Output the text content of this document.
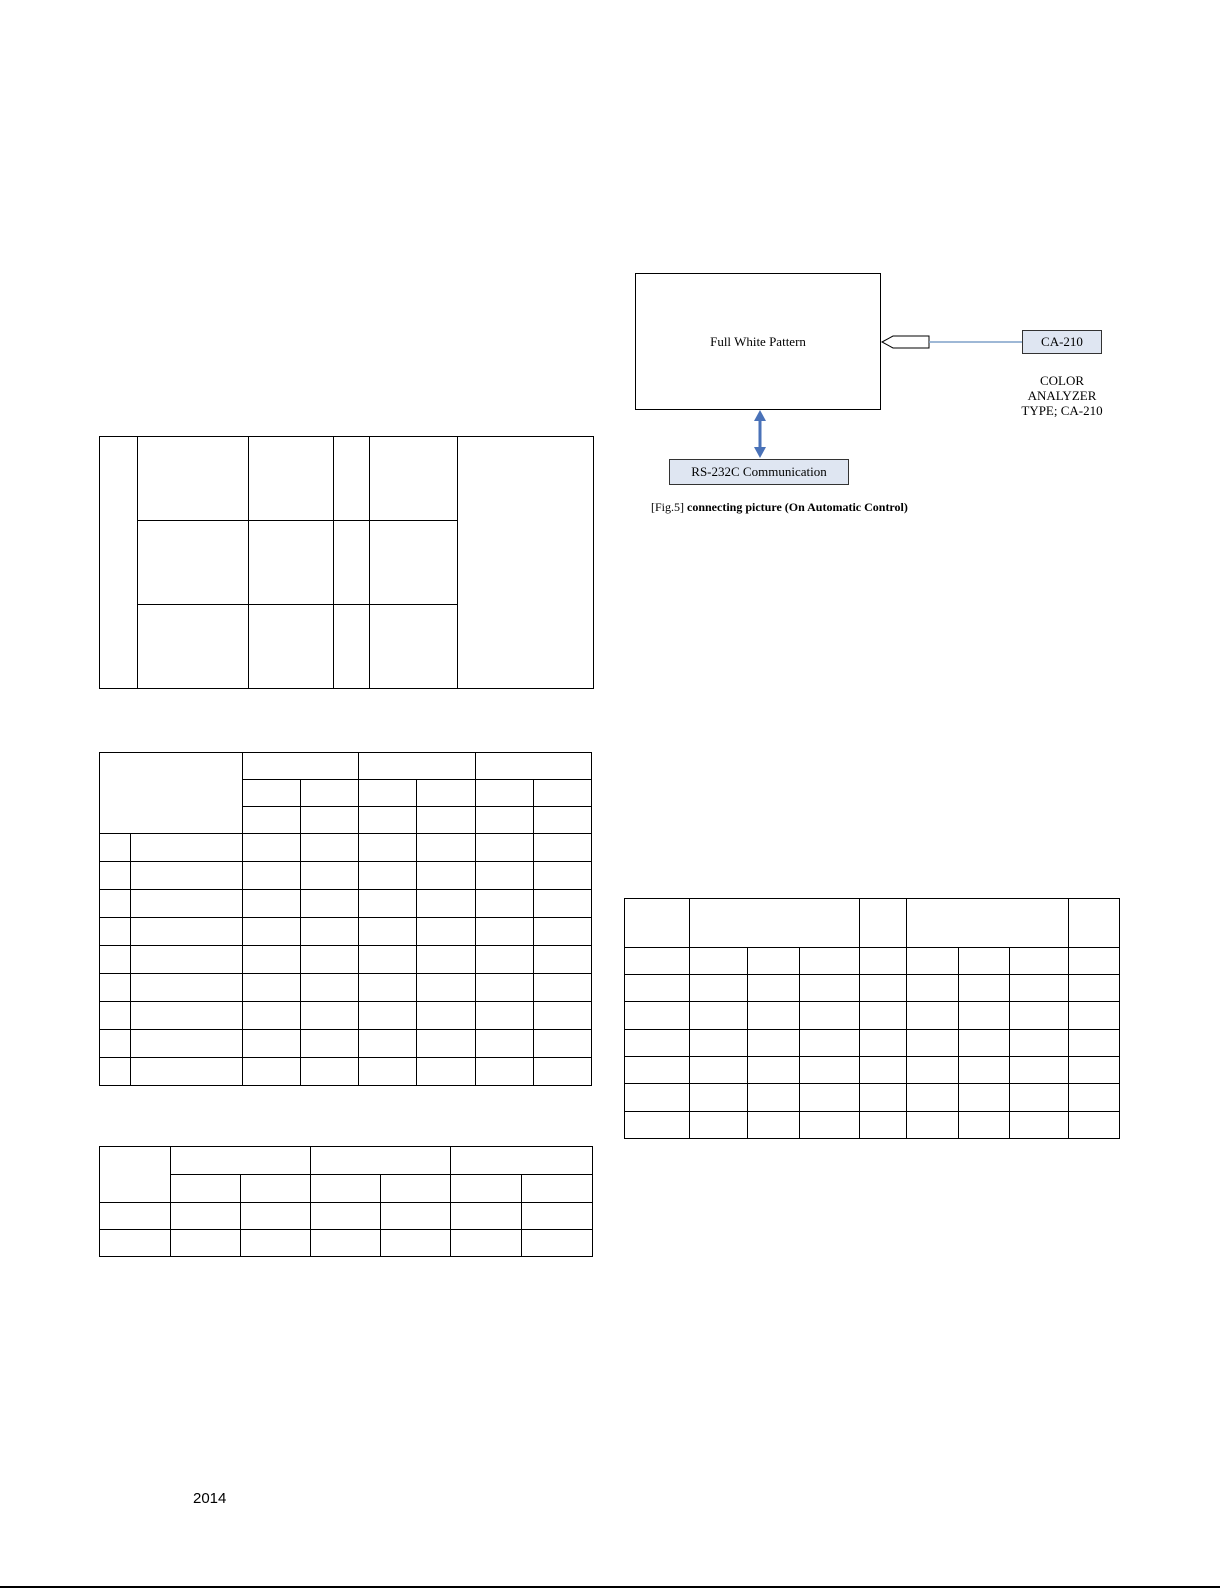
Full White Pattern	CA-210
COLOR
ANALYZER
TYPE; CA-210
RS-232C Communication
[Fig.5] connecting picture (On Automatic Control)

2014
